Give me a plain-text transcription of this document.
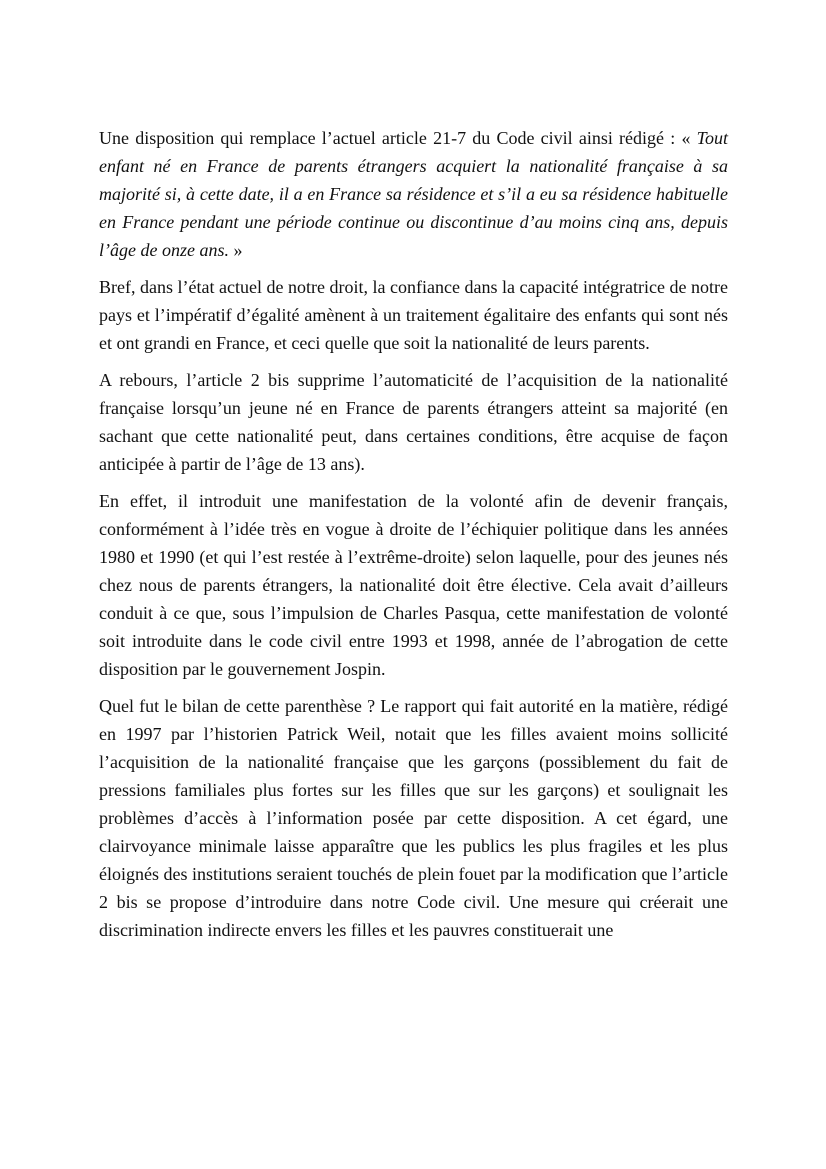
Une disposition qui remplace l’actuel article 21-7 du Code civil ainsi rédigé : « Tout enfant né en France de parents étrangers acquiert la nationalité française à sa majorité si, à cette date, il a en France sa résidence et s’il a eu sa résidence habituelle en France pendant une période continue ou discontinue d’au moins cinq ans, depuis l’âge de onze ans. »

Bref, dans l’état actuel de notre droit, la confiance dans la capacité intégratrice de notre pays et l’impératif d’égalité amènent à un traitement égalitaire des enfants qui sont nés et ont grandi en France, et ceci quelle que soit la nationalité de leurs parents.

A rebours, l’article 2 bis supprime l’automaticité de l’acquisition de la nationalité française lorsqu’un jeune né en France de parents étrangers atteint sa majorité (en sachant que cette nationalité peut, dans certaines conditions, être acquise de façon anticipée à partir de l’âge de 13 ans).

En effet, il introduit une manifestation de la volonté afin de devenir français, conformément à l’idée très en vogue à droite de l’échiquier politique dans les années 1980 et 1990 (et qui l’est restée à l’extrême-droite) selon laquelle, pour des jeunes nés chez nous de parents étrangers, la nationalité doit être élective. Cela avait d’ailleurs conduit à ce que, sous l’impulsion de Charles Pasqua, cette manifestation de volonté soit introduite dans le code civil entre 1993 et 1998, année de l’abrogation de cette disposition par le gouvernement Jospin.

Quel fut le bilan de cette parenthèse ? Le rapport qui fait autorité en la matière, rédigé en 1997 par l’historien Patrick Weil, notait que les filles avaient moins sollicité l’acquisition de la nationalité française que les garçons (possiblement du fait de pressions familiales plus fortes sur les filles que sur les garçons) et soulignait les problèmes d’accès à l’information posée par cette disposition. A cet égard, une clairvoyance minimale laisse apparaître que les publics les plus fragiles et les plus éloignés des institutions seraient touchés de plein fouet par la modification que l’article 2 bis se propose d’introduire dans notre Code civil. Une mesure qui créerait une discrimination indirecte envers les filles et les pauvres constituerait une
